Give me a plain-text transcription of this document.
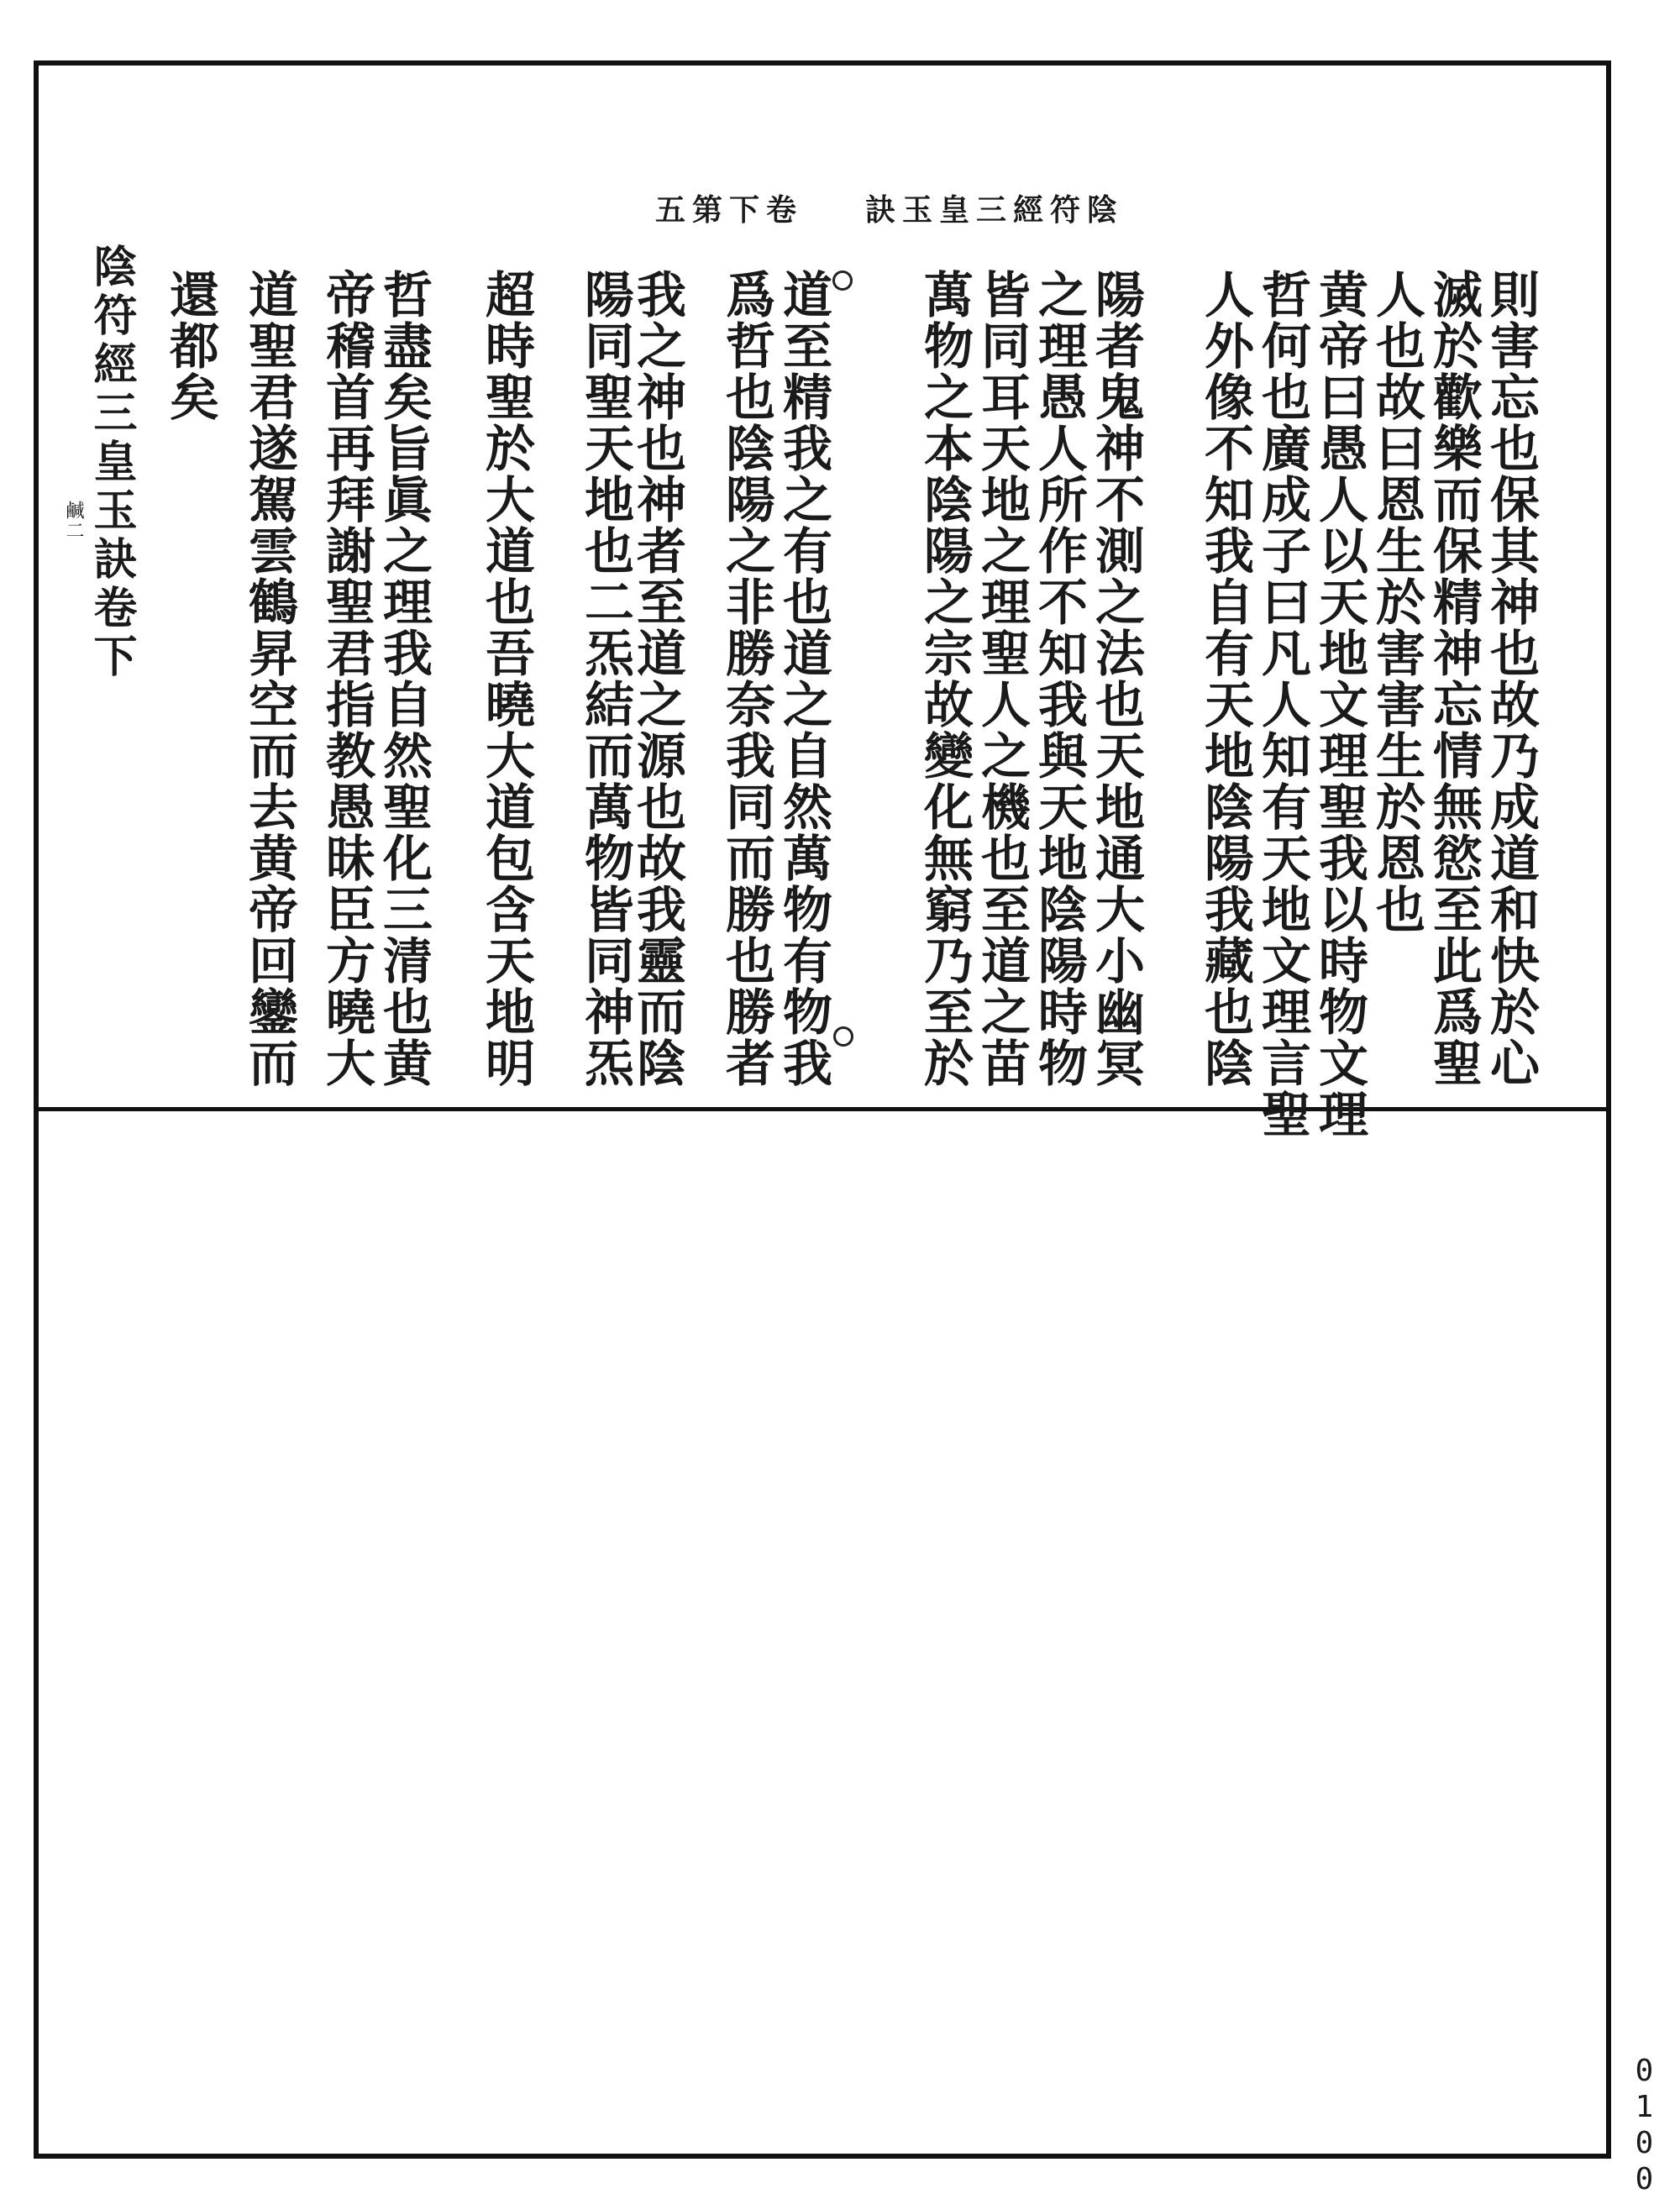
五第下卷 訣玉皇三經符陰
則害忘也保其神也故乃成道和快於心
滅於歡樂而保精神忘情無慾至此爲聖
人也故曰恩生於害害生於恩也
黄帝曰愚人以天地文理聖我以時物文理
哲何也廣成子曰凡人知有天地文理言聖
人外像不知我自有天地陰陽我藏也陰
陽者鬼神不測之法也天地通大小幽冥
之理愚人所作不知我與天地陰陽時物
皆同耳天地之理聖人之機也至道之苗
萬物之本陰陽之宗故變化無窮乃至於
道至精我之有也道之自然萬物有物我
爲哲也陰陽之非勝奈我同而勝也勝者
我之神也神者至道之源也故我靈而陰
陽同聖天地也二炁結而萬物皆同神炁
超時聖於大道也吾曉大道包含天地明
哲盡矣旨眞之理我自然聖化三清也黄
帝稽首再拜謝聖君指教愚昧臣方曉大
道聖君遂駕雲鶴昇空而去黄帝回鑾而
還都矣
陰符經三皇玉訣卷下
鹹二
0100
